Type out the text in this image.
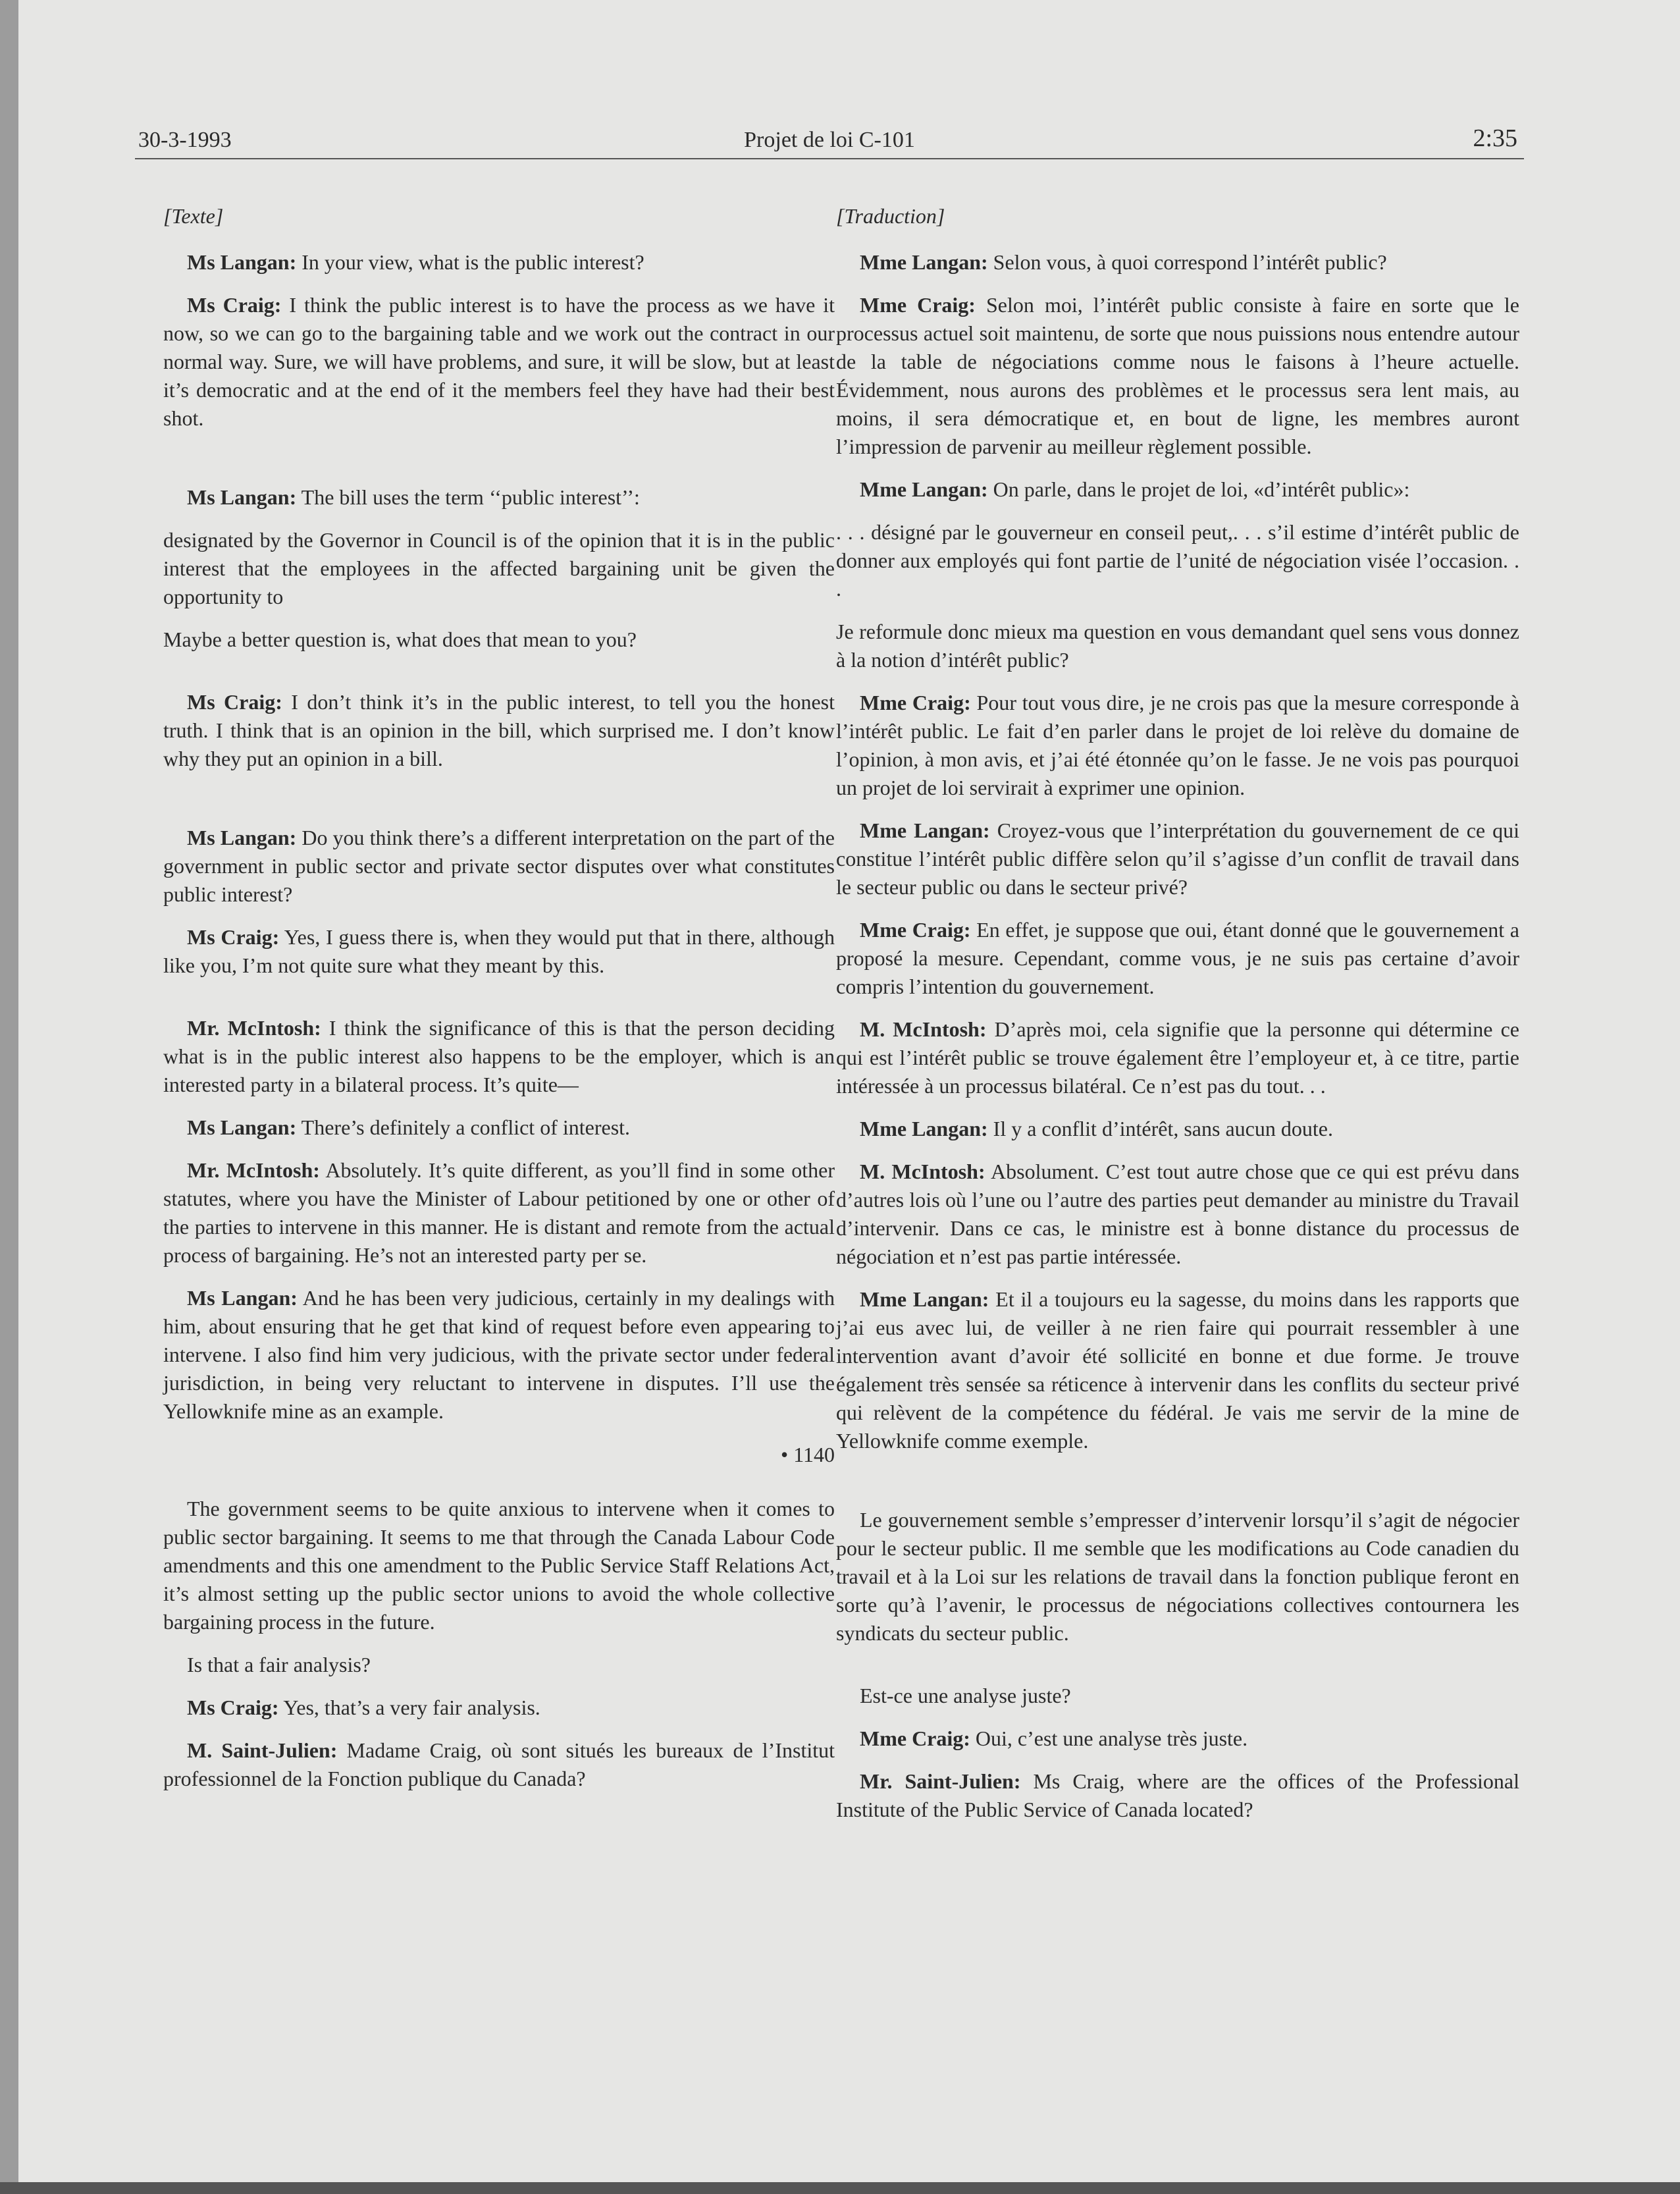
30-3-1993	Projet de loi C-101	2:35
[Texte]

Ms Langan: In your view, what is the public interest?

Ms Craig: I think the public interest is to have the process as we have it now, so we can go to the bargaining table and we work out the contract in our normal way. Sure, we will have problems, and sure, it will be slow, but at least it’s democratic and at the end of it the members feel they have had their best shot.

Ms Langan: The bill uses the term ‘‘public interest’’:

designated by the Governor in Council is of the opinion that it is in the public interest that the employees in the affected bargaining unit be given the opportunity to

Maybe a better question is, what does that mean to you?

Ms Craig: I don’t think it’s in the public interest, to tell you the honest truth. I think that is an opinion in the bill, which surprised me. I don’t know why they put an opinion in a bill.

Ms Langan: Do you think there’s a different interpretation on the part of the government in public sector and private sector disputes over what constitutes public interest?

Ms Craig: Yes, I guess there is, when they would put that in there, although like you, I’m not quite sure what they meant by this.

Mr. McIntosh: I think the significance of this is that the person deciding what is in the public interest also happens to be the employer, which is an interested party in a bilateral process. It’s quite—

Ms Langan: There’s definitely a conflict of interest.

Mr. McIntosh: Absolutely. It’s quite different, as you’ll find in some other statutes, where you have the Minister of Labour petitioned by one or other of the parties to intervene in this manner. He is distant and remote from the actual process of bargaining. He’s not an interested party per se.

Ms Langan: And he has been very judicious, certainly in my dealings with him, about ensuring that he get that kind of request before even appearing to intervene. I also find him very judicious, with the private sector under federal jurisdiction, in being very reluctant to intervene in disputes. I’ll use the Yellowknife mine as an example.

• 1140

The government seems to be quite anxious to intervene when it comes to public sector bargaining. It seems to me that through the Canada Labour Code amendments and this one amendment to the Public Service Staff Relations Act, it’s almost setting up the public sector unions to avoid the whole collective bargaining process in the future.

Is that a fair analysis?

Ms Craig: Yes, that’s a very fair analysis.

M. Saint-Julien: Madame Craig, où sont situés les bureaux de l’Institut professionnel de la Fonction publique du Canada?

[Traduction]

Mme Langan: Selon vous, à quoi correspond l’intérêt public?

Mme Craig: Selon moi, l’intérêt public consiste à faire en sorte que le processus actuel soit maintenu, de sorte que nous puissions nous entendre autour de la table de négociations comme nous le faisons à l’heure actuelle. Évidemment, nous aurons des problèmes et le processus sera lent mais, au moins, il sera démocratique et, en bout de ligne, les membres auront l’impression de parvenir au meilleur règlement possible.

Mme Langan: On parle, dans le projet de loi, «d’intérêt public»:

. . . désigné par le gouverneur en conseil peut,. . . s’il estime d’intérêt public de donner aux employés qui font partie de l’unité de négociation visée l’occasion. . .

Je reformule donc mieux ma question en vous demandant quel sens vous donnez à la notion d’intérêt public?

Mme Craig: Pour tout vous dire, je ne crois pas que la mesure corresponde à l’intérêt public. Le fait d’en parler dans le projet de loi relève du domaine de l’opinion, à mon avis, et j’ai été étonnée qu’on le fasse. Je ne vois pas pourquoi un projet de loi servirait à exprimer une opinion.

Mme Langan: Croyez-vous que l’interprétation du gouvernement de ce qui constitue l’intérêt public diffère selon qu’il s’agisse d’un conflit de travail dans le secteur public ou dans le secteur privé?

Mme Craig: En effet, je suppose que oui, étant donné que le gouvernement a proposé la mesure. Cependant, comme vous, je ne suis pas certaine d’avoir compris l’intention du gouvernement.

M. McIntosh: D’après moi, cela signifie que la personne qui détermine ce qui est l’intérêt public se trouve également être l’employeur et, à ce titre, partie intéressée à un processus bilatéral. Ce n’est pas du tout. . .

Mme Langan: Il y a conflit d’intérêt, sans aucun doute.

M. McIntosh: Absolument. C’est tout autre chose que ce qui est prévu dans d’autres lois où l’une ou l’autre des parties peut demander au ministre du Travail d’intervenir. Dans ce cas, le ministre est à bonne distance du processus de négociation et n’est pas partie intéressée.

Mme Langan: Et il a toujours eu la sagesse, du moins dans les rapports que j’ai eus avec lui, de veiller à ne rien faire qui pourrait ressembler à une intervention avant d’avoir été sollicité en bonne et due forme. Je trouve également très sensée sa réticence à intervenir dans les conflits du secteur privé qui relèvent de la compétence du fédéral. Je vais me servir de la mine de Yellowknife comme exemple.

Le gouvernement semble s’empresser d’intervenir lorsqu’il s’agit de négocier pour le secteur public. Il me semble que les modifications au Code canadien du travail et à la Loi sur les relations de travail dans la fonction publique feront en sorte qu’à l’avenir, le processus de négociations collectives contournera les syndicats du secteur public.

Est-ce une analyse juste?

Mme Craig: Oui, c’est une analyse très juste.

Mr. Saint-Julien: Ms Craig, where are the offices of the Professional Institute of the Public Service of Canada located?
